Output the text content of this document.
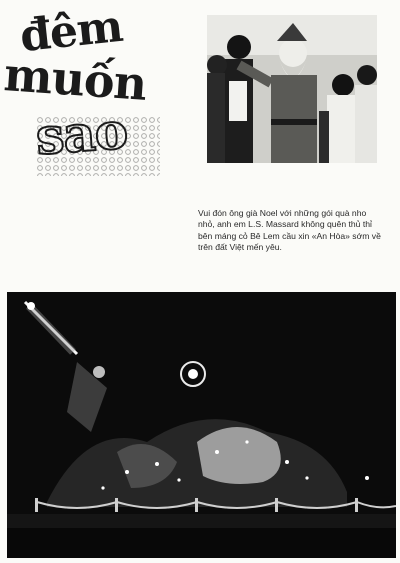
đêm
muốn
sao

Vui đón ông già Noel với những gói quà nho nhỏ, anh em L.S. Massard không quên thủ thỉ bên máng cỏ Bê Lem cầu xin «An Hòa» sớm về trên đất Việt mến yêu.
